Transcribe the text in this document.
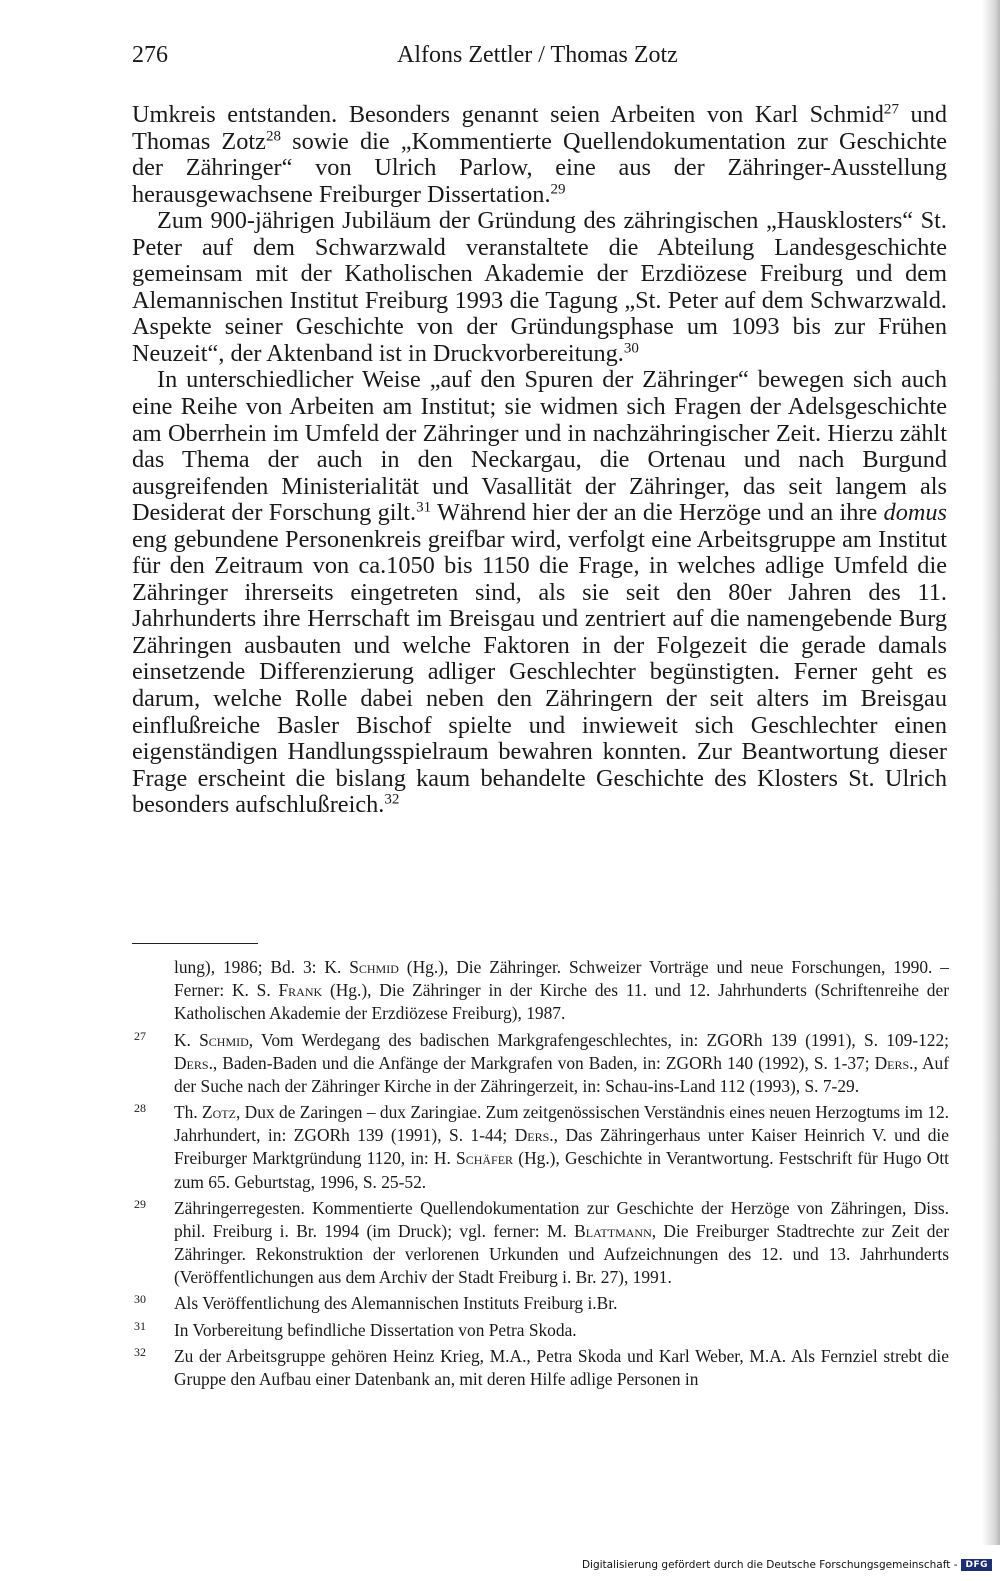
276	Alfons Zettler / Thomas Zotz

Umkreis entstanden. Besonders genannt seien Arbeiten von Karl Schmid$^{27}$ und Thomas Zotz$^{28}$ sowie die „Kommentierte Quellendokumentation zur Geschichte der Zähringer“ von Ulrich Parlow, eine aus der Zähringer-Ausstellung herausgewachsene Freiburger Dissertation.$^{29}$

Zum 900-jährigen Jubiläum der Gründung des zähringischen „Hausklosters“ St. Peter auf dem Schwarzwald veranstaltete die Abteilung Landesgeschichte gemeinsam mit der Katholischen Akademie der Erzdiözese Freiburg und dem Alemannischen Institut Freiburg 1993 die Tagung „St. Peter auf dem Schwarzwald. Aspekte seiner Geschichte von der Gründungsphase um 1093 bis zur Frühen Neuzeit“, der Aktenband ist in Druckvorbereitung.$^{30}$

In unterschiedlicher Weise „auf den Spuren der Zähringer“ bewegen sich auch eine Reihe von Arbeiten am Institut; sie widmen sich Fragen der Adelsgeschichte am Oberrhein im Umfeld der Zähringer und in nachzähringischer Zeit. Hierzu zählt das Thema der auch in den Neckargau, die Ortenau und nach Burgund ausgreifenden Ministerialität und Vasallität der Zähringer, das seit langem als Desiderat der Forschung gilt.$^{31}$ Während hier der an die Herzöge und an ihre domus eng gebundene Personenkreis greifbar wird, verfolgt eine Arbeitsgruppe am Institut für den Zeitraum von ca.1050 bis 1150 die Frage, in welches adlige Umfeld die Zähringer ihrerseits eingetreten sind, als sie seit den 80er Jahren des 11. Jahrhunderts ihre Herrschaft im Breisgau und zentriert auf die namengebende Burg Zähringen ausbauten und welche Faktoren in der Folgezeit die gerade damals einsetzende Differenzierung adliger Geschlechter begünstigten. Ferner geht es darum, welche Rolle dabei neben den Zähringern der seit alters im Breisgau einflußreiche Basler Bischof spielte und inwieweit sich Geschlechter einen eigenständigen Handlungsspielraum bewahren konnten. Zur Beantwortung dieser Frage erscheint die bislang kaum behandelte Geschichte des Klosters St. Ulrich besonders aufschlußreich.$^{32}$

lung), 1986; Bd. 3: K. Schmid (Hg.), Die Zähringer. Schweizer Vorträge und neue Forschungen, 1990. – Ferner: K. S. Frank (Hg.), Die Zähringer in der Kirche des 11. und 12. Jahrhunderts (Schriftenreihe der Katholischen Akademie der Erzdiözese Freiburg), 1987.
27 K. Schmid, Vom Werdegang des badischen Markgrafengeschlechtes, in: ZGORh 139 (1991), S. 109-122; Ders., Baden-Baden und die Anfänge der Markgrafen von Baden, in: ZGORh 140 (1992), S. 1-37; Ders., Auf der Suche nach der Zähringer Kirche in der Zähringerzeit, in: Schau-ins-Land 112 (1993), S. 7-29.
28 Th. Zotz, Dux de Zaringen – dux Zaringiae. Zum zeitgenössischen Verständnis eines neuen Herzogtums im 12. Jahrhundert, in: ZGORh 139 (1991), S. 1-44; Ders., Das Zähringerhaus unter Kaiser Heinrich V. und die Freiburger Marktgründung 1120, in: H. Schäfer (Hg.), Geschichte in Verantwortung. Festschrift für Hugo Ott zum 65. Geburtstag, 1996, S. 25-52.
29 Zähringerregesten. Kommentierte Quellendokumentation zur Geschichte der Herzöge von Zähringen, Diss. phil. Freiburg i. Br. 1994 (im Druck); vgl. ferner: M. Blattmann, Die Freiburger Stadtrechte zur Zeit der Zähringer. Rekonstruktion der verlorenen Urkunden und Aufzeichnungen des 12. und 13. Jahrhunderts (Veröffentlichungen aus dem Archiv der Stadt Freiburg i. Br. 27), 1991.
30 Als Veröffentlichung des Alemannischen Instituts Freiburg i.Br.
31 In Vorbereitung befindliche Dissertation von Petra Skoda.
32 Zu der Arbeitsgruppe gehören Heinz Krieg, M.A., Petra Skoda und Karl Weber, M.A. Als Fernziel strebt die Gruppe den Aufbau einer Datenbank an, mit deren Hilfe adlige Personen in
Digitalisierung gefördert durch die Deutsche Forschungsgemeinschaft - DFG
